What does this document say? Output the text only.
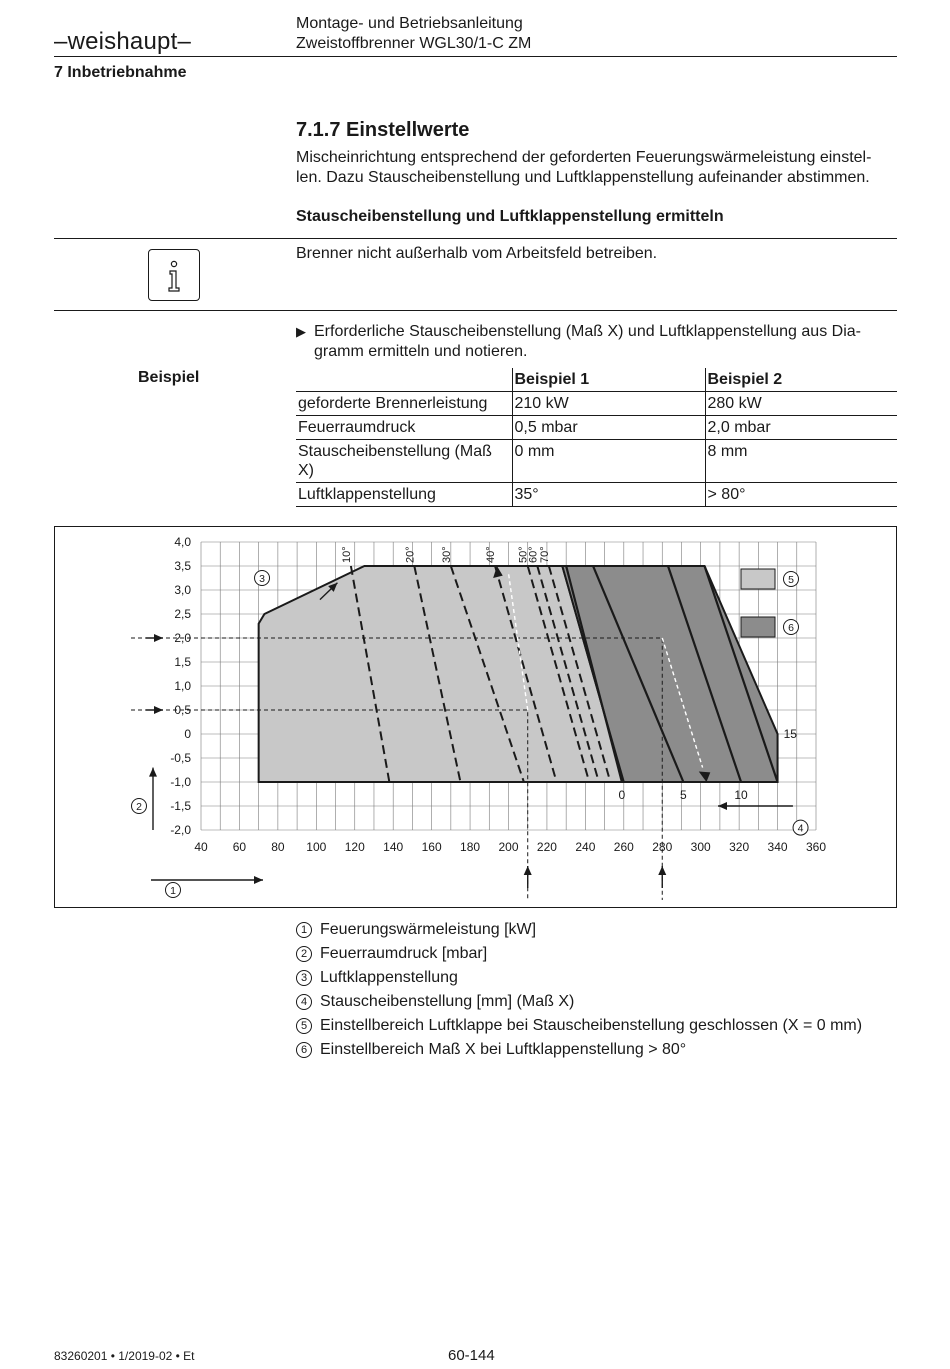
–weishaupt–
Montage- und Betriebsanleitung
Zweistoffbrenner WGL30/1-C ZM
7 Inbetriebnahme
7.1.7 Einstellwerte
Mischeinrichtung entsprechend der geforderten Feuerungswärmeleistung einstel-len. Dazu Stauscheibenstellung und Luftklappenstellung aufeinander abstimmen.
Stauscheibenstellung und Luftklappenstellung ermitteln
Brenner nicht außerhalb vom Arbeitsfeld betreiben.
▶ Erforderliche Stauscheibenstellung (Maß X) und Luftklappenstellung aus Dia-gramm ermitteln und notieren.
Beispiel
		Beispiel 1	Beispiel 2
geforderte Brennerleistung	210 kW	280 kW
Feuerraumdruck	0,5 mbar	2,0 mbar
Stauscheibenstellung (Maß X)	0 mm	8 mm
Luftklappenstellung	35°	> 80°
10°	20° 30°	40° 50°
60° 70°
0	5	10
15
4,0
3,5
3,0
2,5
2,0
1,5
1,0
0,5
0
-0,5
-1,0
-1,5
-2,0
40 60 80 100 120 140 160 180 200 220 240 260 280 300 320 340 360
1
2
3
4
5
6
1 Feuerungswärmeleistung [kW]
2 Feuerraumdruck [mbar]
3 Luftklappenstellung
4 Stauscheibenstellung [mm] (Maß X)
5 Einstellbereich Luftklappe bei Stauscheibenstellung geschlossen (X = 0 mm)
6 Einstellbereich Maß X bei Luftklappenstellung > 80°
83260201 • 1/2019-02 • Et	60-144
